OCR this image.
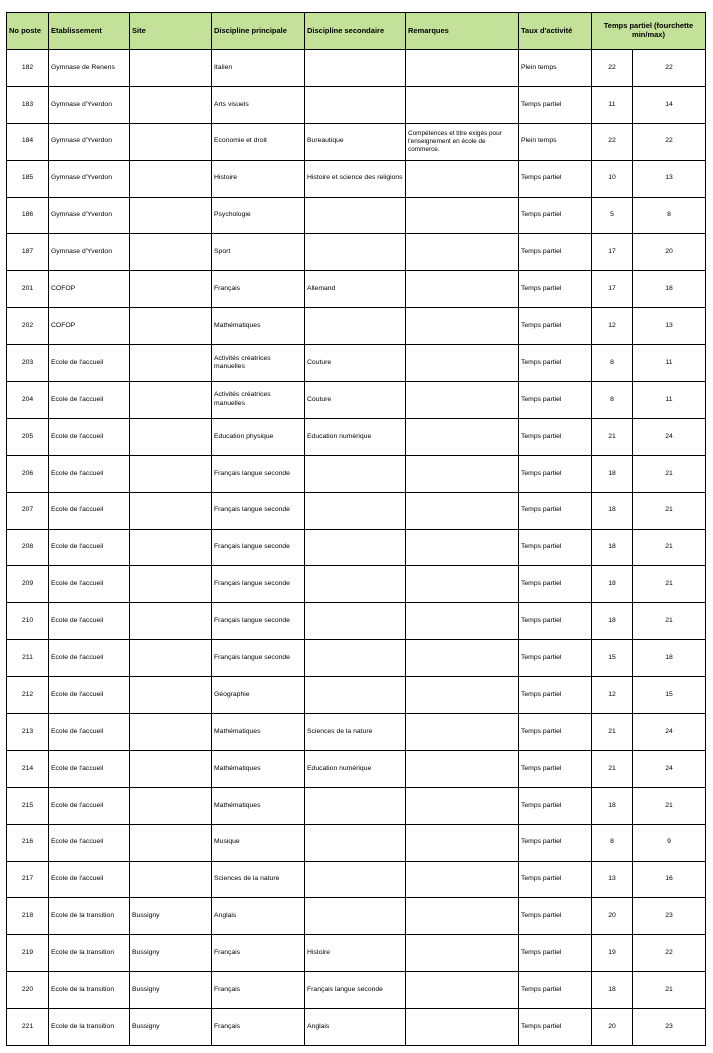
No poste	Etablissement	Site	Discipline principale	Discipline secondaire	Remarques	Taux d'activité	Temps partiel (fourchette min/max)	
182	Gymnase de Renens		Italien			Plein temps	22	22
183	Gymnase d'Yverdon		Arts visuels			Temps partiel	11	14
184	Gymnase d'Yverdon		Economie et droit	Bureautique	Compétences et titre exigés pour l'enseignement en école de commerce.	Plein temps	22	22
185	Gymnase d'Yverdon		Histoire	Histoire et science des religions		Temps partiel	10	13
186	Gymnase d'Yverdon		Psychologie			Temps partiel	5	8
187	Gymnase d'Yverdon		Sport			Temps partiel	17	20
201	COFOP		Français	Allemand		Temps partiel	17	18
202	COFOP		Mathématiques			Temps partiel	12	13
203	Ecole de l'accueil		Activités créatrices manuelles	Couture		Temps partiel	8	11
204	Ecole de l'accueil		Activités créatrices manuelles	Couture		Temps partiel	8	11
205	Ecole de l'accueil		Education physique	Education numérique		Temps partiel	21	24
206	Ecole de l'accueil		Français langue seconde			Temps partiel	18	21
207	Ecole de l'accueil		Français langue seconde			Temps partiel	18	21
208	Ecole de l'accueil		Français langue seconde			Temps partiel	18	21
209	Ecole de l'accueil		Français langue seconde			Temps partiel	18	21
210	Ecole de l'accueil		Français langue seconde			Temps partiel	18	21
211	Ecole de l'accueil		Français langue seconde			Temps partiel	15	18
212	Ecole de l'accueil		Géographie			Temps partiel	12	15
213	Ecole de l'accueil		Mathématiques	Sciences de la nature		Temps partiel	21	24
214	Ecole de l'accueil		Mathématiques	Education numérique		Temps partiel	21	24
215	Ecole de l'accueil		Mathématiques			Temps partiel	18	21
216	Ecole de l'accueil		Musique			Temps partiel	8	9
217	Ecole de l'accueil		Sciences de la nature			Temps partiel	13	16
218	Ecole de la transition	Bussigny	Anglais			Temps partiel	20	23
219	Ecole de la transition	Bussigny	Français	Histoire		Temps partiel	19	22
220	Ecole de la transition	Bussigny	Français	Français langue seconde		Temps partiel	18	21
221	Ecole de la transition	Bussigny	Français	Anglais		Temps partiel	20	23
